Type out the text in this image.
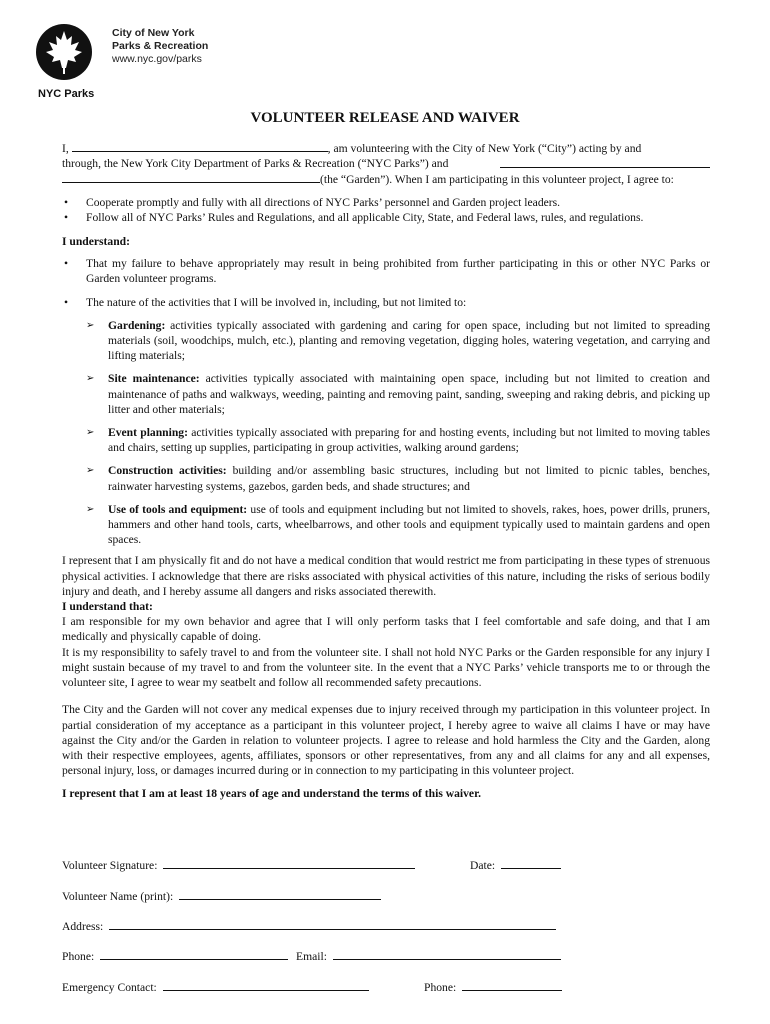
City of New York
Parks & Recreation
www.nyc.gov/parks
NYC Parks
VOLUNTEER RELEASE AND WAIVER
I,	, am volunteering with the City of New York (“City”) acting by and
through, the New York City Department of Parks & Recreation (“NYC Parks”) and
(the “Garden”). When I am participating in this volunteer project, I agree to:
• Cooperate promptly and fully with all directions of NYC Parks’ personnel and Garden project leaders.
• Follow all of NYC Parks’ Rules and Regulations, and all applicable City, State, and Federal laws, rules, and regulations.

I understand:

• That my failure to behave appropriately may result in being prohibited from further participating in this or other NYC Parks or Garden volunteer programs.
• The nature of the activities that I will be involved in, including, but not limited to:
➢ Gardening: activities typically associated with gardening and caring for open space, including but not limited to spreading materials (soil, woodchips, mulch, etc.), planting and removing vegetation, digging holes, watering vegetation, and carrying and lifting materials;
➢ Site maintenance: activities typically associated with maintaining open space, including but not limited to creation and maintenance of paths and walkways, weeding, painting and removing paint, sanding, sweeping and raking debris, and picking up litter and other materials;
➢ Event planning: activities typically associated with preparing for and hosting events, including but not limited to moving tables and chairs, setting up supplies, participating in group activities, walking around gardens;
➢ Construction activities: building and/or assembling basic structures, including but not limited to picnic tables, benches, rainwater harvesting systems, gazebos, garden beds, and shade structures; and
➢ Use of tools and equipment: use of tools and equipment including but not limited to shovels, rakes, hoes, power drills, pruners, hammers and other hand tools, carts, wheelbarrows, and other tools and equipment typically used to maintain gardens and open spaces.

I represent that I am physically fit and do not have a medical condition that would restrict me from participating in these types of strenuous physical activities. I acknowledge that there are risks associated with physical activities of this nature, including the risks of serious bodily injury and death, and I hereby assume all dangers and risks associated therewith.

I understand that:

I am responsible for my own behavior and agree that I will only perform tasks that I feel comfortable and safe doing, and that I am medically and physically capable of doing.

It is my responsibility to safely travel to and from the volunteer site. I shall not hold NYC Parks or the Garden responsible for any injury I might sustain because of my travel to and from the volunteer site. In the event that a NYC Parks’ vehicle transports me to or through the volunteer site, I agree to wear my seatbelt and follow all recommended safety precautions.

The City and the Garden will not cover any medical expenses due to injury received through my participation in this volunteer project. In partial consideration of my acceptance as a participant in this volunteer project, I hereby agree to waive all claims I have or may have against the City and/or the Garden in relation to volunteer projects. I agree to release and hold harmless the City and the Garden, along with their respective employees, agents, affiliates, sponsors or other representatives, from any and all claims for any and all expenses, personal injury, loss, or damages incurred during or in connection to my participating in this volunteer project.

I represent that I am at least 18 years of age and understand the terms of this waiver.

Volunteer Signature:	Date:
Volunteer Name (print):
Address:
Phone:	Email:
Emergency Contact:	Phone:
